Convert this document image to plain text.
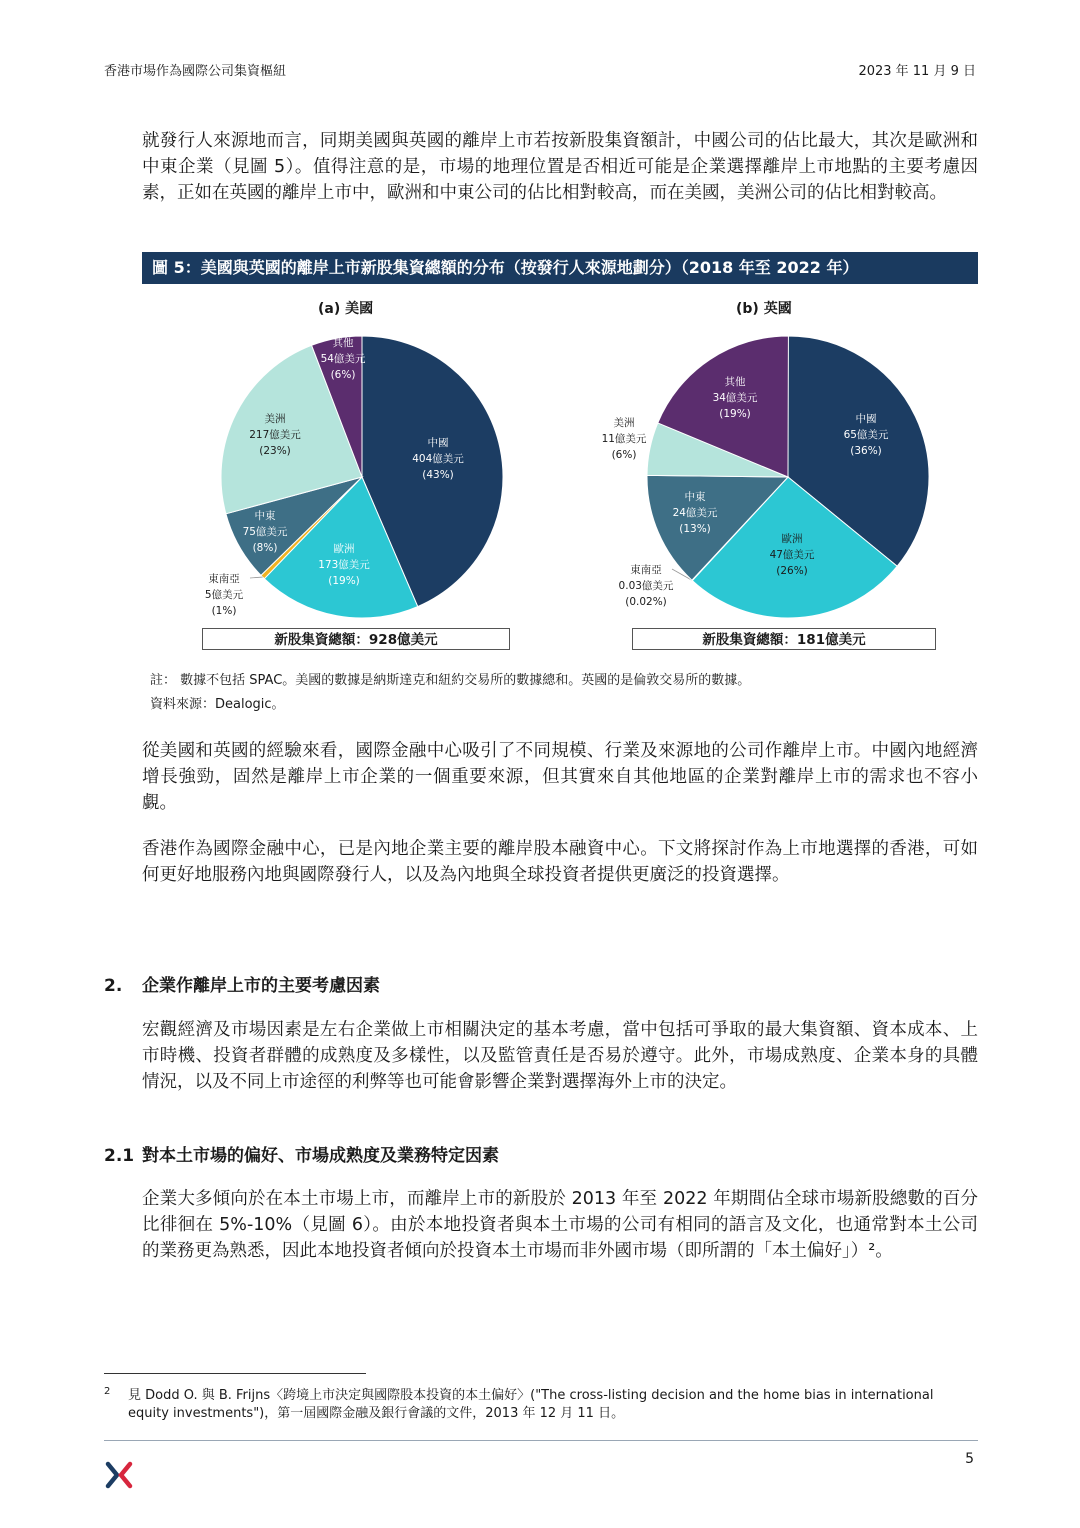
香港市場作為國際公司集資樞紐	2023 年 11 月 9 日

就發行人來源地而言，同期美國與英國的離岸上市若按新股集資額計，中國公司的佔比最大，其次是歐洲和中東企業（見圖 5）。值得注意的是，市場的地理位置是否相近可能是企業選擇離岸上市地點的主要考慮因素，正如在英國的離岸上市中，歐洲和中東公司的佔比相對較高，而在美國，美洲公司的佔比相對較高。

圖 5：美國與英國的離岸上市新股集資總額的分布（按發行人來源地劃分）（2018 年至 2022 年）
(a) 美國	(b) 英國
中國
404億美元
(43%)
歐洲
173億美元
(19%)
東南亞
5億美元
(1%)
中東
75億美元
(8%)
美洲
217億美元
(23%)
其他
54億美元
(6%)
中國
65億美元
(36%)
歐洲
47億美元
(26%)
東南亞
0.03億美元
(0.02%)
中東
24億美元
(13%)
美洲
11億美元
(6%)
其他
34億美元
(19%)
新股集資總額：928億美元	新股集資總額：181億美元
註： 數據不包括 SPAC。美國的數據是納斯達克和紐約交易所的數據總和。英國的是倫敦交易所的數據。
資料來源：Dealogic。

從美國和英國的經驗來看，國際金融中心吸引了不同規模、行業及來源地的公司作離岸上市。中國內地經濟增長強勁，固然是離岸上市企業的一個重要來源，但其實來自其他地區的企業對離岸上市的需求也不容小覷。

香港作為國際金融中心，已是內地企業主要的離岸股本融資中心。下文將探討作為上市地選擇的香港，可如何更好地服務內地與國際發行人，以及為內地與全球投資者提供更廣泛的投資選擇。

2. 企業作離岸上市的主要考慮因素

宏觀經濟及市場因素是左右企業做上市相關決定的基本考慮，當中包括可爭取的最大集資額、資本成本、上市時機、投資者群體的成熟度及多樣性，以及監管責任是否易於遵守。此外，市場成熟度、企業本身的具體情況，以及不同上市途徑的利弊等也可能會影響企業對選擇海外上市的決定。

2.1 對本土市場的偏好、市場成熟度及業務特定因素

企業大多傾向於在本土市場上市，而離岸上市的新股於 2013 年至 2022 年期間佔全球市場新股總數的百分比徘徊在 5%-10%（見圖 6）。由於本地投資者與本土市場的公司有相同的語言及文化，也通常對本土公司的業務更為熟悉，因此本地投資者傾向於投資本土市場而非外國市場（即所謂的「本土偏好」）²。

2 見 Dodd O. 與 B. Frijns〈跨境上市決定與國際股本投資的本土偏好〉("The cross-listing decision and the home bias in international equity investments")，第一屆國際金融及銀行會議的文件，2013 年 12 月 11 日。
5
